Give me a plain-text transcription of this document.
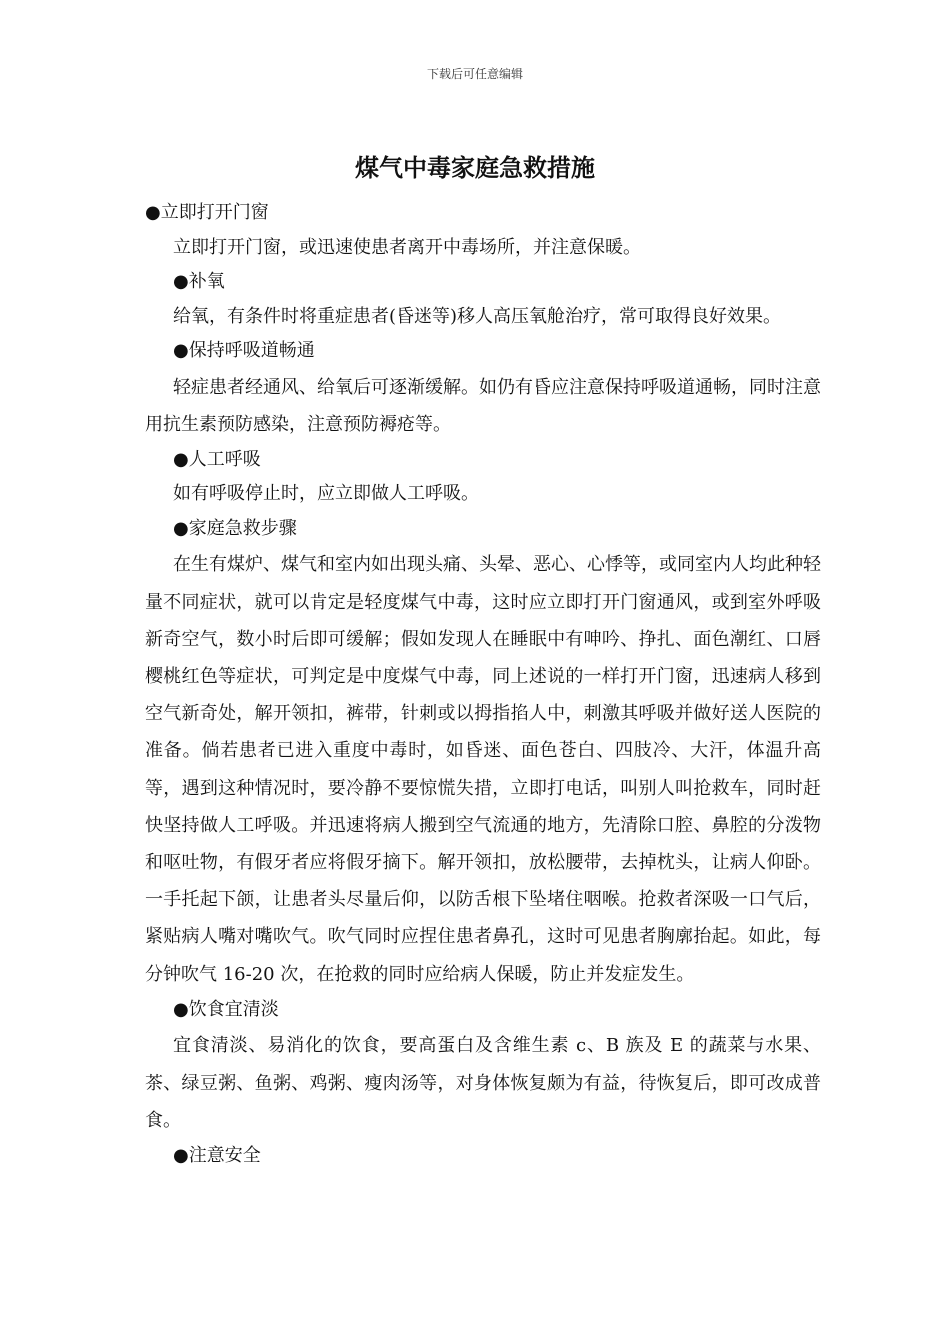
下载后可任意编辑
煤气中毒家庭急救措施

●立即打开门窗

立即打开门窗，或迅速使患者离开中毒场所，并注意保暖。

●补氧

给氧，有条件时将重症患者(昏迷等)移人高压氧舱治疗，常可取得良好效果。

●保持呼吸道畅通

轻症患者经通风、给氧后可逐渐缓解。如仍有昏应注意保持呼吸道通畅，同时注意用抗生素预防感染，注意预防褥疮等。

●人工呼吸

如有呼吸停止时，应立即做人工呼吸。

●家庭急救步骤

在生有煤炉、煤气和室内如出现头痛、头晕、恶心、心悸等，或同室内人均此种轻量不同症状，就可以肯定是轻度煤气中毒，这时应立即打开门窗通风，或到室外呼吸新奇空气，数小时后即可缓解；假如发现人在睡眠中有呻吟、挣扎、面色潮红、口唇樱桃红色等症状，可判定是中度煤气中毒，同上述说的一样打开门窗，迅速病人移到空气新奇处，解开领扣，裤带，针刺或以拇指掐人中，刺激其呼吸并做好送人医院的准备。倘若患者已进入重度中毒时，如昏迷、面色苍白、四肢冷、大汗，体温升高等，遇到这种情况时，要冷静不要惊慌失措，立即打电话，叫别人叫抢救车，同时赶快坚持做人工呼吸。并迅速将病人搬到空气流通的地方，先清除口腔、鼻腔的分泼物和呕吐物，有假牙者应将假牙摘下。解开领扣，放松腰带，去掉枕头，让病人仰卧。一手托起下颌，让患者头尽量后仰，以防舌根下坠堵住咽喉。抢救者深吸一口气后，紧贴病人嘴对嘴吹气。吹气同时应捏住患者鼻孔，这时可见患者胸廓抬起。如此，每分钟吹气 16-20 次，在抢救的同时应给病人保暖，防止并发症发生。

●饮食宜清淡

宜食清淡、易消化的饮食，要高蛋白及含维生素 c、B 族及 E 的蔬菜与水果、茶、绿豆粥、鱼粥、鸡粥、瘦肉汤等，对身体恢复颇为有益，待恢复后，即可改成普食。

●注意安全
